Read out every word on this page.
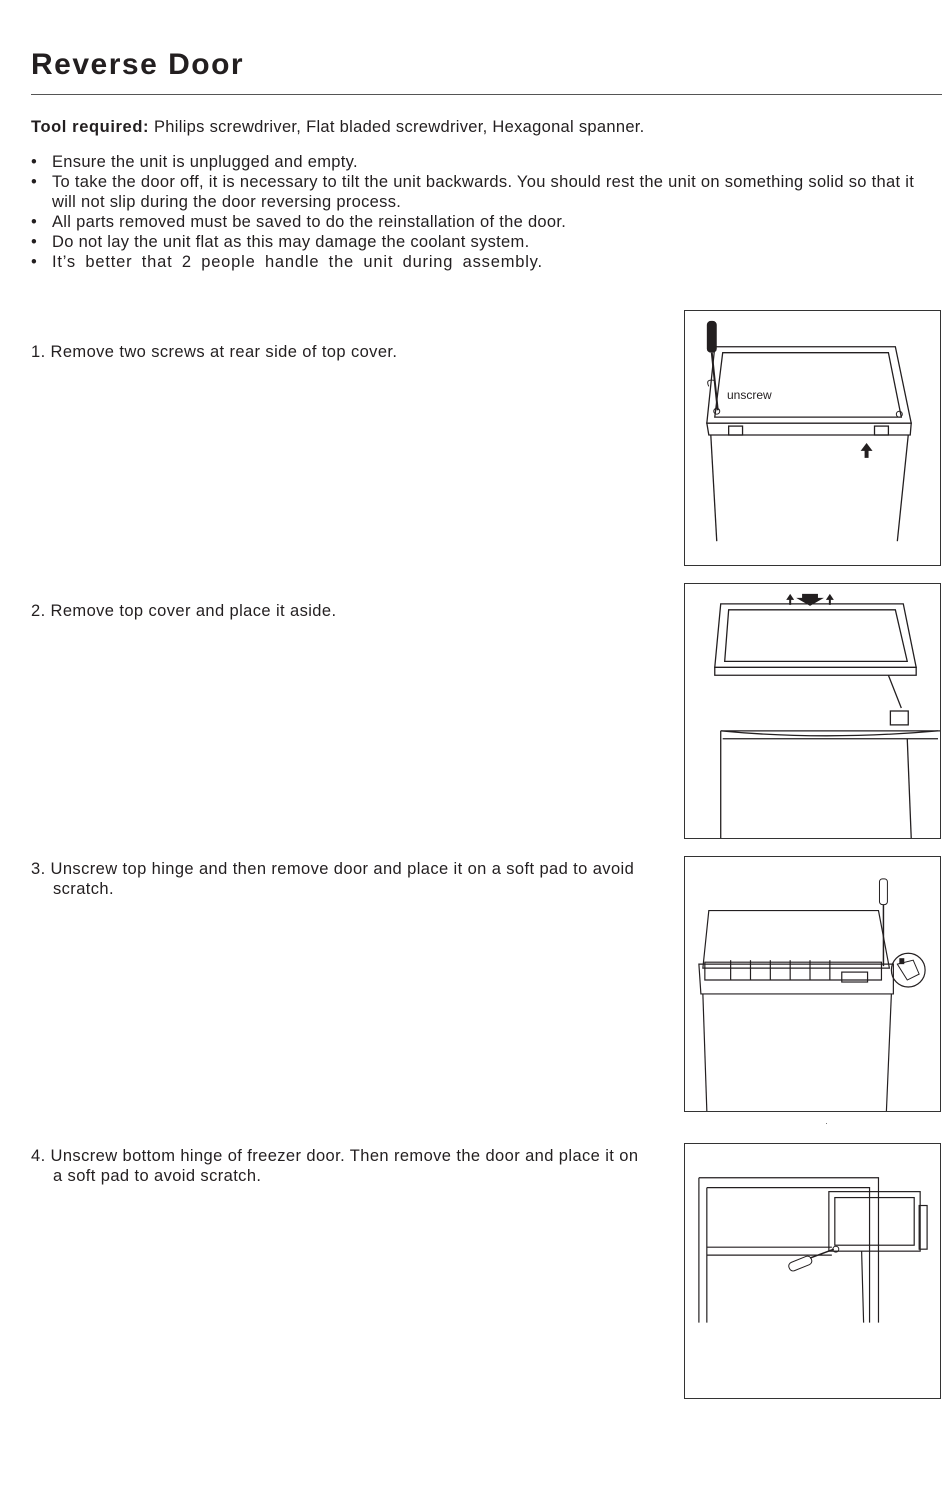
Reverse Door
Tool required: Philips screwdriver, Flat bladed screwdriver, Hexagonal spanner.
• Ensure the unit is unplugged and empty.
• To take the door off, it is necessary to tilt the unit backwards. You should rest the unit on something solid so that it will not slip during the door reversing process.
• All parts removed must be saved to do the reinstallation of the door.
• Do not lay the unit flat as this may damage the coolant system.
• It’s better that 2 people handle the unit during assembly.
1. Remove two screws at rear side of top cover.
unscrew
2. Remove top cover and place it aside.
3. Unscrew top hinge and then remove door and place it on a soft pad to avoid scratch.
4. Unscrew bottom hinge of freezer door. Then remove the door and place it on a soft pad to avoid scratch.
